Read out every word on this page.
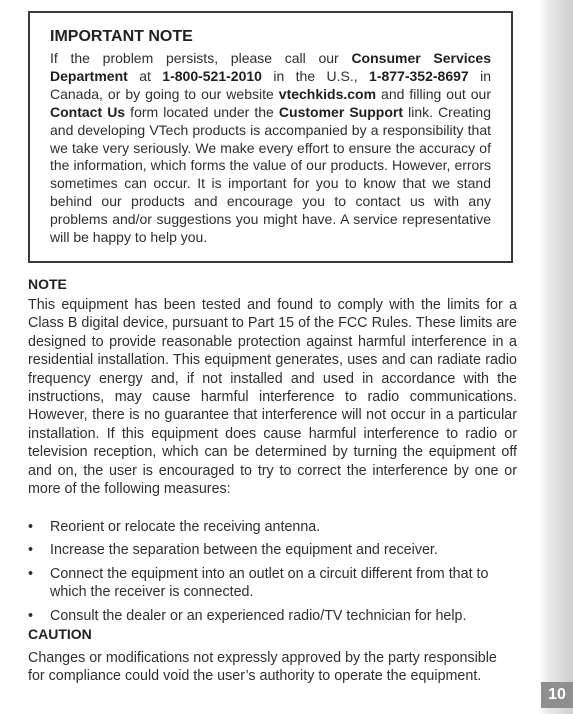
10

IMPORTANT NOTE

If the problem persists, please call our Consumer Services Department at 1-800-521-2010 in the U.S., 1-877-352-8697 in Canada, or by going to our website vtechkids.com and filling out our Contact Us form located under the Customer Support link. Creating and developing VTech products is accompanied by a responsibility that we take very seriously. We make every effort to ensure the accuracy of the information, which forms the value of our products. However, errors sometimes can occur. It is important for you to know that we stand behind our products and encourage you to contact us with any problems and/or suggestions you might have. A service representative will be happy to help you.

NOTE

This equipment has been tested and found to comply with the limits for a Class B digital device, pursuant to Part 15 of the FCC Rules. These limits are designed to provide reasonable protection against harmful interference in a residential installation. This equipment generates, uses and can radiate radio frequency energy and, if not installed and used in accordance with the instructions, may cause harmful interference to radio communications. However, there is no guarantee that interference will not occur in a particular installation. If this equipment does cause harmful interference to radio or television reception, which can be determined by turning the equipment off and on, the user is encouraged to try to correct the interference by one or more of the following measures:

•	Reorient or relocate the receiving antenna.
•	Increase the separation between the equipment and receiver.
•	Connect the equipment into an outlet on a circuit different from that to which the receiver is connected.
•	Consult the dealer or an experienced radio/TV technician for help.
CAUTION

Changes or modifications not expressly approved by the party responsible for compliance could void the user’s authority to operate the equipment.
